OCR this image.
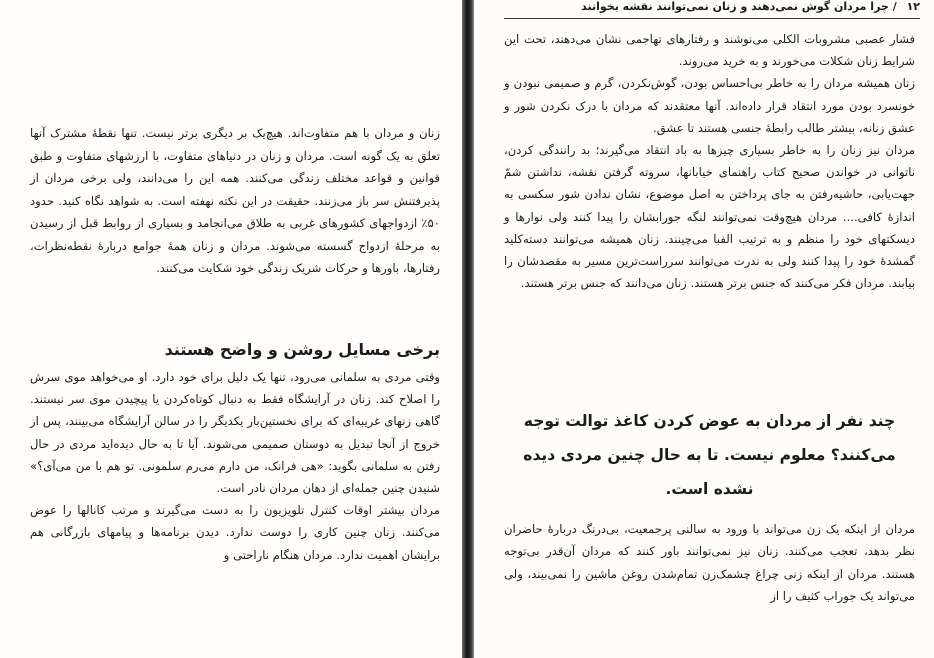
زنان و مردان با هم متفاوت‌اند. هیچ‌یک بر دیگری برتر نیست. تنها نقطهٔ مشترک آنها تعلق به یک گونه است. مردان و زنان در دنیاهای متفاوت، با ارزشهای متفاوت و طبق قوانین و قواعد مختلف زندگی می‌کنند. همه این را می‌دانند، ولی برخی مردان از پذیرفتنش سر باز می‌زنند. حقیقت در این نکته نهفته است. به شواهد نگاه کنید. حدود ۵۰٪ ازدواجهای کشورهای غربی به طلاق می‌انجامد و بسیاری از روابط قبل از رسیدن به مرحلهٔ ازدواج گسسته می‌شوند. مردان و زنان همهٔ جوامع دربارهٔ نقطه‌نظرات، رفتارها، باورها و حرکات شریک زندگی خود شکایت می‌کنند.

برخی مسایل روشن و واضح هستند

وقتی مردی به سلمانی می‌رود، تنها یک دلیل برای خود دارد. او می‌خواهد موی سرش را اصلاح کند. زنان در آرایشگاه فقط به دنبال کوتاه‌کردن یا پیچیدن موی سر نیستند. گاهی زنهای غریبه‌ای که برای نخستین‌بار یکدیگر را در سالن آرایشگاه می‌بینند، پس از خروج از آنجا تبدیل به دوستان صمیمی می‌شوند. آیا تا به حال دیده‌اید مردی در حال رفتن به سلمانی بگوید: «هی فرانک، من دارم می‌رم سلمونی. تو هم با من می‌آی؟» شنیدن چنین جمله‌ای از دهان مردان نادر است.

مردان بیشتر اوقات کنترل تلویزیون را به دست می‌گیرند و مرتب کانالها را عوض می‌کنند. زنان چنین کاری را دوست ندارد. دیدن برنامه‌ها و پیامهای بازرگانی هم برایشان اهمیت ندارد. مردان هنگام ناراحتی و

۱۲ / چرا مردان گوش نمی‌دهند و زنان نمی‌توانند نقشه بخوانند

فشار عصبی مشروبات الکلی می‌نوشند و رفتارهای تهاجمی نشان می‌دهند، تحت این شرایط زنان شکلات می‌خورند و به خرید می‌روند.

زنان همیشه مردان را به خاطر بی‌احساس بودن، گوش‌نکردن، گرم و صمیمی نبودن و خونسرد بودن مورد انتقاد قرار داده‌اند. آنها معتقدند که مردان با درک نکردن شور و عشق زنانه، بیشتر طالب رابطهٔ جنسی هستند تا عشق.

مردان نیز زنان را به خاطر بسیاری چیزها به باد انتقاد می‌گیرند؛ بد رانندگی کردن، ناتوانی در خواندن صحیح کتاب راهنمای خیابانها، سروته گرفتن نقشه، نداشتن شمّ جهت‌یابی، حاشیه‌رفتن به جای پرداختن به اصل موضوع، نشان ندادن شور سکسی به اندازهٔ کافی.... مردان هیچ‌وقت نمی‌توانند لنگه جورابشان را پیدا کنند ولی نوارها و دیسکتهای خود را منظم و به ترتیب الفبا می‌چینند. زنان همیشه می‌توانند دسته‌کلید گمشدهٔ خود را پیدا کنند ولی به ندرت می‌توانند سرراست‌ترین مسیر به مقصدشان را بیابند. مردان فکر می‌کنند که جنس برتر هستند. زنان می‌دانند که جنس برتر هستند.

چند نفر از مردان به عوض کردن کاغذ توالت توجه می‌کنند؟ معلوم نیست. تا به حال چنین مردی دیده نشده است.

مردان از اینکه یک زن می‌تواند با ورود به سالنی پرجمعیت، بی‌درنگ دربارهٔ حاضران نظر بدهد، تعجب می‌کنند. زنان نیز نمی‌توانند باور کنند که مردان آن‌قدر بی‌توجه هستند. مردان از اینکه زنی چراغ چشمک‌زن تمام‌شدن روغن ماشین را نمی‌بیند، ولی می‌تواند یک جوراب کثیف را از
